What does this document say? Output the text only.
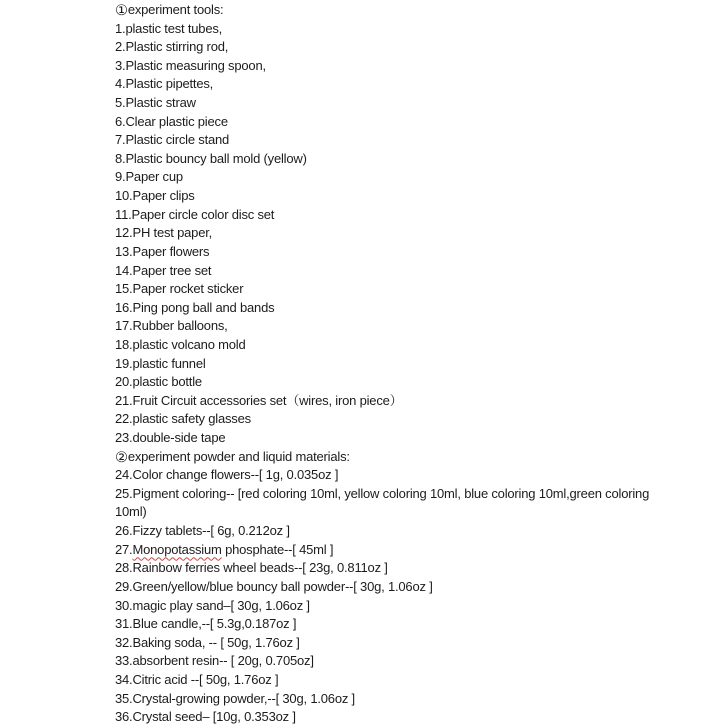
①experiment tools:
1.plastic test tubes,
2.Plastic stirring rod,
3.Plastic measuring spoon,
4.Plastic pipettes,
5.Plastic straw
6.Clear plastic piece
7.Plastic circle stand
8.Plastic bouncy ball mold (yellow)
9.Paper cup
10.Paper clips
11.Paper circle color disc set
12.PH test paper,
13.Paper flowers
14.Paper tree set
15.Paper rocket sticker
16.Ping pong ball and bands
17.Rubber balloons,
18.plastic volcano mold
19.plastic funnel
20.plastic bottle
21.Fruit Circuit accessories set（wires, iron piece）
22.plastic safety glasses
23.double-side tape
②experiment powder and liquid materials:
24.Color change flowers--[ 1g, 0.035oz ]
25.Pigment coloring-- [red coloring 10ml, yellow coloring 10ml, blue coloring 10ml,green coloring
10ml)
26.Fizzy tablets--[ 6g, 0.212oz ]
27.Monopotassium phosphate--[ 45ml ]
28.Rainbow ferries wheel beads--[ 23g, 0.811oz ]
29.Green/yellow/blue bouncy ball powder--[ 30g, 1.06oz ]
30.magic play sand–[ 30g, 1.06oz ]
31.Blue candle,--[ 5.3g,0.187oz ]
32.Baking soda, -- [ 50g, 1.76oz ]
33.absorbent resin-- [ 20g, 0.705oz]
34.Citric acid --[ 50g, 1.76oz ]
35.Crystal-growing powder,--[ 30g, 1.06oz ]
36.Crystal seed– [10g, 0.353oz ]
